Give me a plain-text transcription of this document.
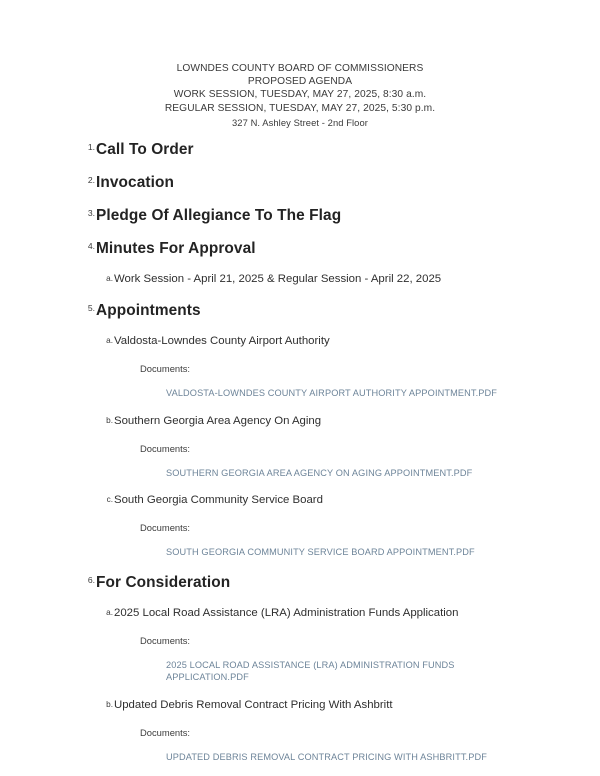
LOWNDES COUNTY BOARD OF COMMISSIONERS
PROPOSED AGENDA
WORK SESSION, TUESDAY, MAY 27, 2025, 8:30 a.m.
REGULAR SESSION, TUESDAY, MAY 27, 2025, 5:30 p.m.
327 N. Ashley Street - 2nd Floor
1. Call To Order
2. Invocation
3. Pledge Of Allegiance To The Flag
4. Minutes For Approval
a. Work Session - April 21, 2025 & Regular Session - April 22, 2025
5. Appointments
a. Valdosta-Lowndes County Airport Authority
Documents:
VALDOSTA-LOWNDES COUNTY AIRPORT AUTHORITY APPOINTMENT.PDF
b. Southern Georgia Area Agency On Aging
Documents:
SOUTHERN GEORGIA AREA AGENCY ON AGING APPOINTMENT.PDF
c. South Georgia Community Service Board
Documents:
SOUTH GEORGIA COMMUNITY SERVICE BOARD APPOINTMENT.PDF
6. For Consideration
a. 2025 Local Road Assistance (LRA) Administration Funds Application
Documents:
2025 LOCAL ROAD ASSISTANCE (LRA) ADMINISTRATION FUNDS APPLICATION.PDF
b. Updated Debris Removal Contract Pricing With Ashbritt
Documents:
UPDATED DEBRIS REMOVAL CONTRACT PRICING WITH ASHBRITT.PDF
